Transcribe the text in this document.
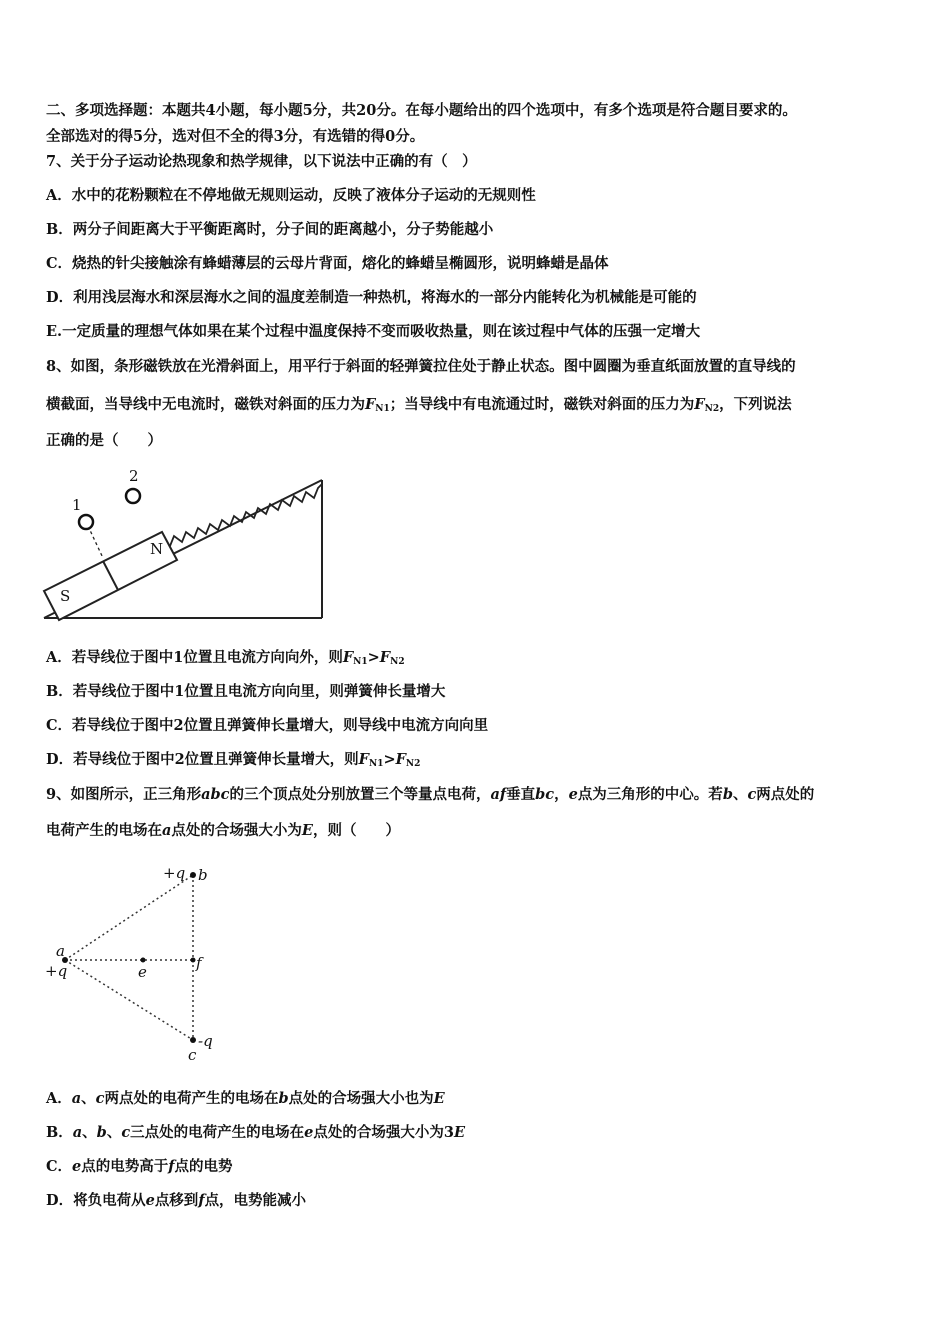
二、多项选择题：本题共4小题，每小题5分，共20分。在每小题给出的四个选项中，有多个选项是符合题目要求的。
全部选对的得5分，选对但不全的得3分，有选错的得0分。
7、关于分子运动论热现象和热学规律，以下说法中正确的有（　）
A．水中的花粉颗粒在不停地做无规则运动，反映了液体分子运动的无规则性
B．两分子间距离大于平衡距离时，分子间的距离越小，分子势能越小
C．烧热的针尖接触涂有蜂蜡薄层的云母片背面，熔化的蜂蜡呈椭圆形，说明蜂蜡是晶体
D．利用浅层海水和深层海水之间的温度差制造一种热机，将海水的一部分内能转化为机械能是可能的
E.一定质量的理想气体如果在某个过程中温度保持不变而吸收热量，则在该过程中气体的压强一定增大
8、如图，条形磁铁放在光滑斜面上，用平行于斜面的轻弹簧拉住处于静止状态。图中圆圈为垂直纸面放置的直导线的
横截面，当导线中无电流时，磁铁对斜面的压力为$F_{N1}$；当导线中有电流通过时，磁铁对斜面的压力为$F_{N2}$，下列说法
正确的是（　　）
N
S
1
2
A．若导线位于图中1位置且电流方向向外，则$F_{N1}>F_{N2}$
B．若导线位于图中1位置且电流方向向里，则弹簧伸长量增大
C．若导线位于图中2位置且弹簧伸长量增大，则导线中电流方向向里
D．若导线位于图中2位置且弹簧伸长量增大，则$F_{N1}>F_{N2}$
9、如图所示，正三角形abc的三个顶点处分别放置三个等量点电荷，af垂直bc，e点为三角形的中心。若b、c两点处的
电荷产生的电场在a点处的合场强大小为E，则（　　）
+q b
a
+q	e	f
-q
c
A．a、c两点处的电荷产生的电场在b点处的合场强大小也为E
B．a、b、c三点处的电荷产生的电场在e点处的合场强大小为3E
C．e点的电势高于f点的电势
D．将负电荷从e点移到f点，电势能减小
